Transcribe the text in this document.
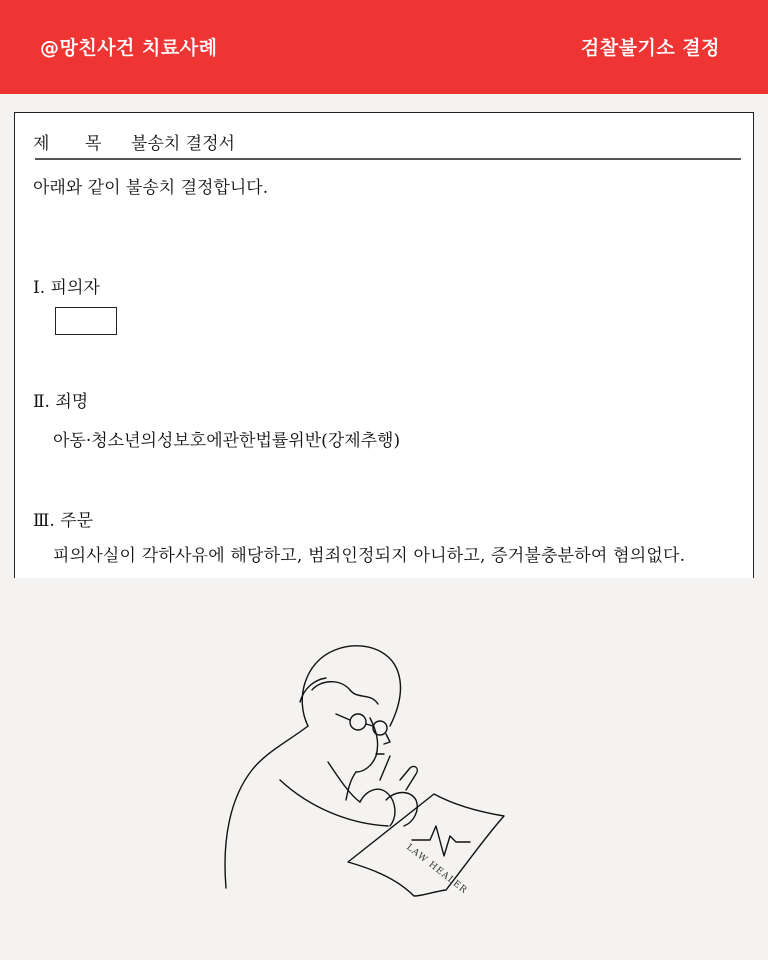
@망친사건 치료사례	검찰불기소 결정
제 목 불송치 결정서
아래와 같이 불송치 결정합니다.
Ⅰ. 피의자
Ⅱ. 죄명
아동·청소년의성보호에관한법률위반(강제추행)
Ⅲ. 주문
피의사실이 각하사유에 해당하고, 범죄인정되지 아니하고, 증거불충분하여 혐의없다.
LAW HEALER
